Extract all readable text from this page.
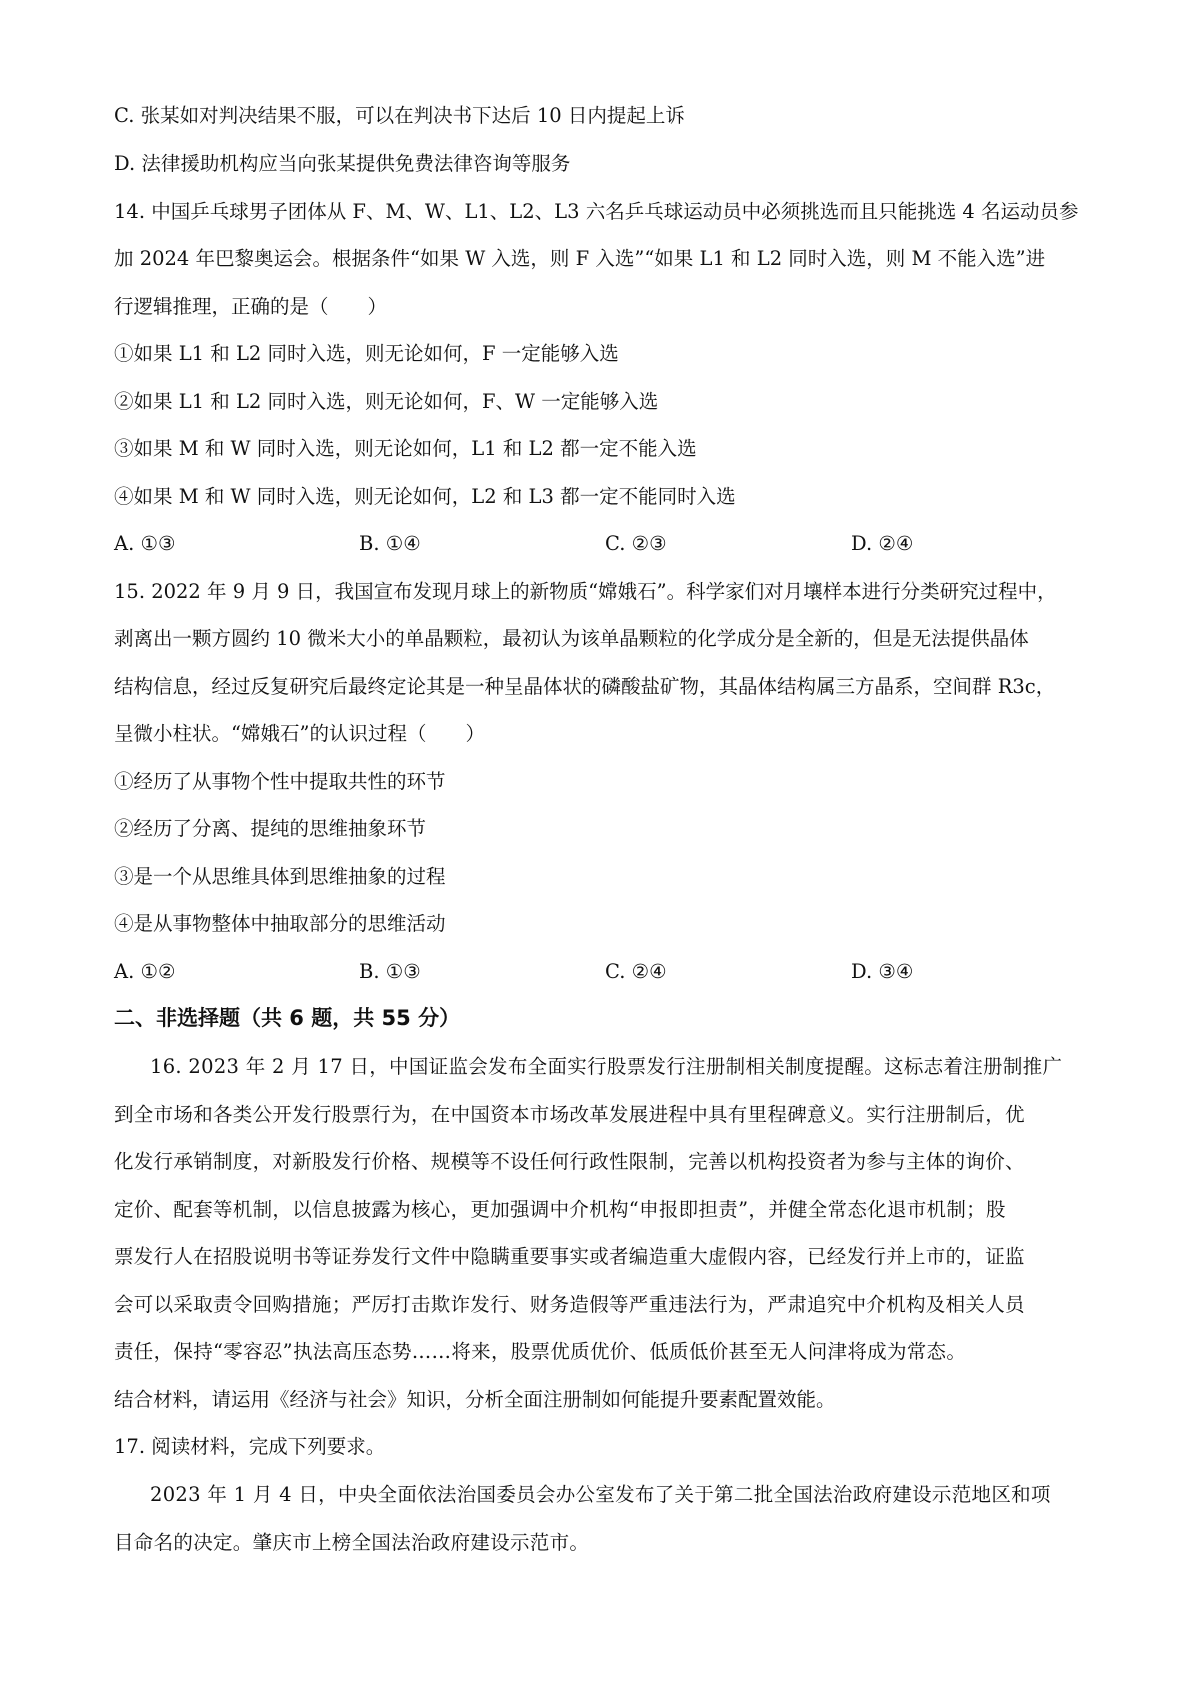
C. 张某如对判决结果不服，可以在判决书下达后 10 日内提起上诉
D. 法律援助机构应当向张某提供免费法律咨询等服务
14. 中国乒乓球男子团体从 F、M、W、L1、L2、L3 六名乒乓球运动员中必须挑选而且只能挑选 4 名运动员参
加 2024 年巴黎奥运会。根据条件“如果 W 入选，则 F 入选”“如果 L1 和 L2 同时入选，则 M 不能入选”进
行逻辑推理，正确的是（　　）
①如果 L1 和 L2 同时入选，则无论如何，F 一定能够入选
②如果 L1 和 L2 同时入选，则无论如何，F、W 一定能够入选
③如果 M 和 W 同时入选，则无论如何，L1 和 L2 都一定不能入选
④如果 M 和 W 同时入选，则无论如何，L2 和 L3 都一定不能同时入选
A. ①③	B. ①④	C. ②③	D. ②④
15. 2022 年 9 月 9 日，我国宣布发现月球上的新物质“嫦娥石”。科学家们对月壤样本进行分类研究过程中，
剥离出一颗方圆约 10 微米大小的单晶颗粒，最初认为该单晶颗粒的化学成分是全新的，但是无法提供晶体
结构信息，经过反复研究后最终定论其是一种呈晶体状的磷酸盐矿物，其晶体结构属三方晶系，空间群 R3c，
呈微小柱状。“嫦娥石”的认识过程（　　）
①经历了从事物个性中提取共性的环节
②经历了分离、提纯的思维抽象环节
③是一个从思维具体到思维抽象的过程
④是从事物整体中抽取部分的思维活动
A. ①②	B. ①③	C. ②④	D. ③④
二、非选择题（共 6 题，共 55 分）
16. 2023 年 2 月 17 日，中国证监会发布全面实行股票发行注册制相关制度提醒。这标志着注册制推广
到全市场和各类公开发行股票行为，在中国资本市场改革发展进程中具有里程碑意义。实行注册制后，优
化发行承销制度，对新股发行价格、规模等不设任何行政性限制，完善以机构投资者为参与主体的询价、
定价、配套等机制，以信息披露为核心，更加强调中介机构“申报即担责”，并健全常态化退市机制；股
票发行人在招股说明书等证券发行文件中隐瞒重要事实或者编造重大虚假内容，已经发行并上市的，证监
会可以采取责令回购措施；严厉打击欺诈发行、财务造假等严重违法行为，严肃追究中介机构及相关人员
责任，保持“零容忍”执法高压态势……将来，股票优质优价、低质低价甚至无人问津将成为常态。
结合材料，请运用《经济与社会》知识，分析全面注册制如何能提升要素配置效能。
17. 阅读材料，完成下列要求。
2023 年 1 月 4 日，中央全面依法治国委员会办公室发布了关于第二批全国法治政府建设示范地区和项
目命名的决定。肇庆市上榜全国法治政府建设示范市。
